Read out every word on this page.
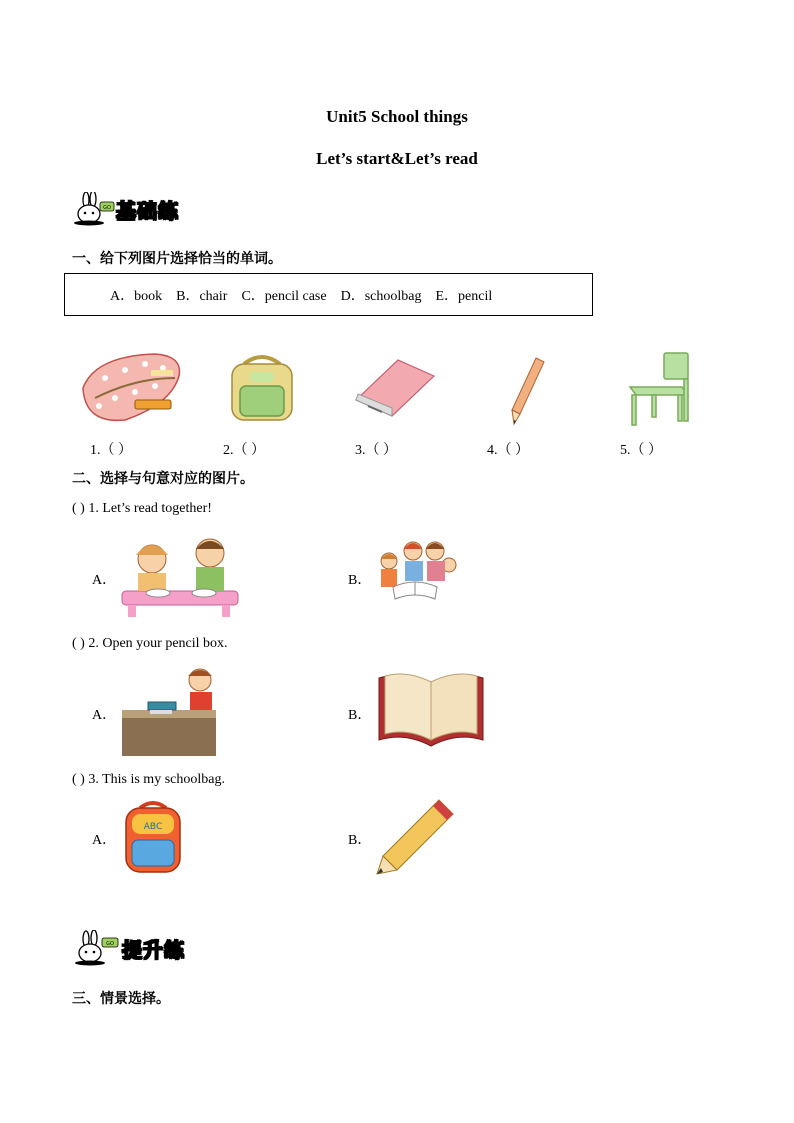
Unit5 School things
Let’s start&Let’s read
GO 基础练
一、给下列图片选择恰当的单词。
A．book B．chair C．pencil case D．schoolbag E．pencil
1.（ ）	2.（ ）	3.（ ）	4.（ ）	5.（ ）
二、选择与句意对应的图片。
( ) 1. Let’s read together!
A．	B．
( ) 2. Open your pencil box.
A．	B．
( ) 3. This is my schoolbag.
A．
ABC
B．
GO 提升练
三、情景选择。
